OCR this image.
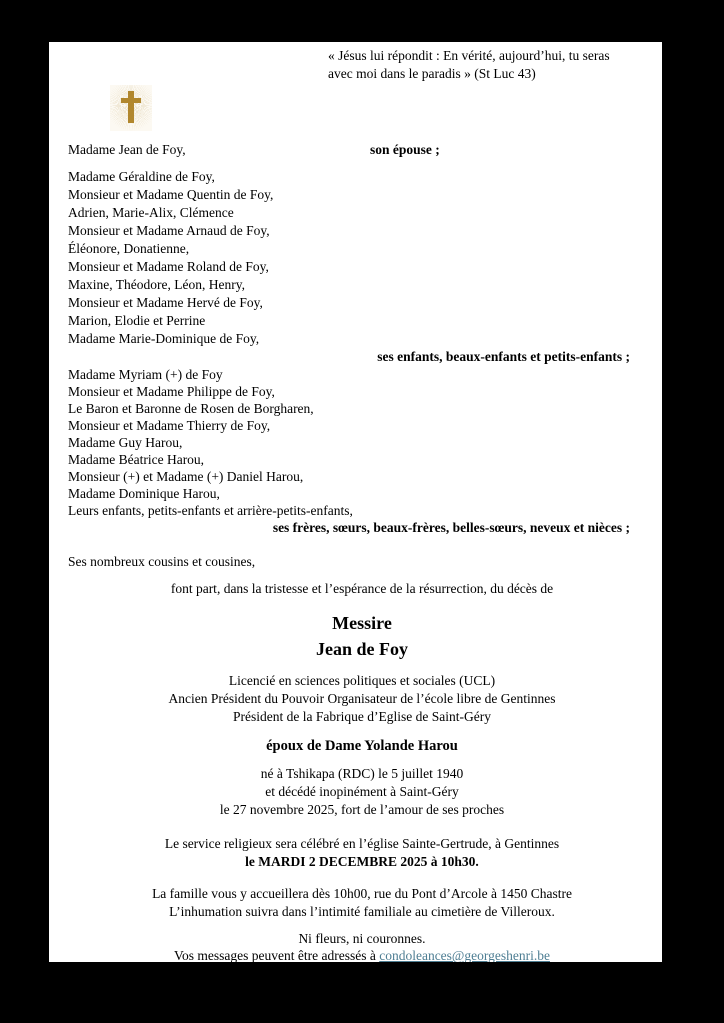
« Jésus lui répondit : En vérité, aujourd’hui, tu seras
avec moi dans le paradis » (St Luc 43)
Madame Jean de Foy,	son épouse ;
Madame Géraldine de Foy,
Monsieur et Madame Quentin de Foy,
Adrien, Marie-Alix, Clémence
Monsieur et Madame Arnaud de Foy,
Éléonore, Donatienne,
Monsieur et Madame Roland de Foy,
Maxine, Théodore, Léon, Henry,
Monsieur et Madame Hervé de Foy,
Marion, Elodie et Perrine
Madame Marie-Dominique de Foy,
ses enfants, beaux-enfants et petits-enfants ;
Madame Myriam (+) de Foy
Monsieur et Madame Philippe de Foy,
Le Baron et Baronne de Rosen de Borgharen,
Monsieur et Madame Thierry de Foy,
Madame Guy Harou,
Madame Béatrice Harou,
Monsieur (+) et Madame (+) Daniel Harou,
Madame Dominique Harou,
Leurs enfants, petits-enfants et arrière-petits-enfants,
ses frères, sœurs, beaux-frères, belles-sœurs, neveux et nièces ;
Ses nombreux cousins et cousines,
font part, dans la tristesse et l’espérance de la résurrection, du décès de
Messire
Jean de Foy
Licencié en sciences politiques et sociales (UCL)
Ancien Président du Pouvoir Organisateur de l’école libre de Gentinnes
Président de la Fabrique d’Eglise de Saint-Géry
époux de Dame Yolande Harou
né à Tshikapa (RDC) le 5 juillet 1940
et décédé inopinément à Saint-Géry
le 27 novembre 2025, fort de l’amour de ses proches
Le service religieux sera célébré en l’église Sainte-Gertrude, à Gentinnes
le MARDI 2 DECEMBRE 2025 à 10h30.
La famille vous y accueillera dès 10h00, rue du Pont d’Arcole à 1450 Chastre
L’inhumation suivra dans l’intimité familiale au cimetière de Villeroux.
Ni fleurs, ni couronnes.
Vos messages peuvent être adressés à condoleances@georgeshenri.be
